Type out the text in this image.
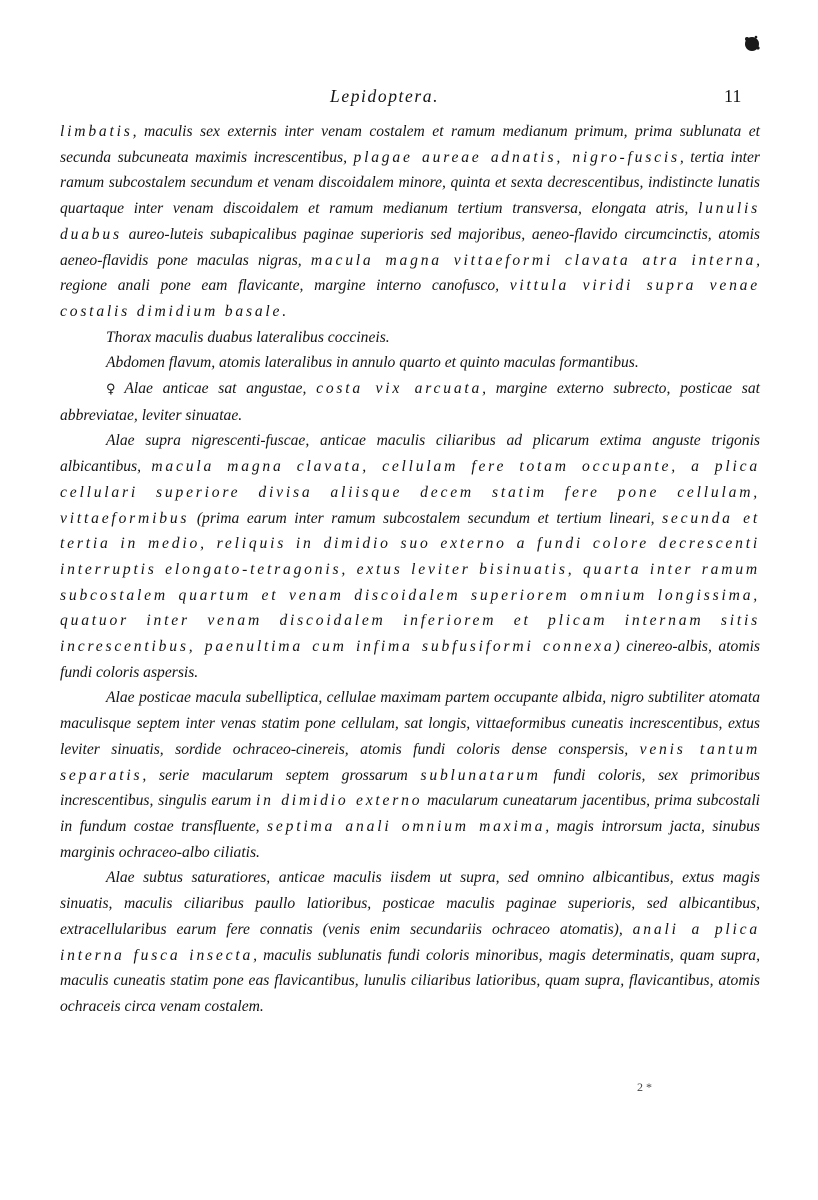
Lepidoptera.	11

limbatis, maculis sex externis inter venam costalem et ramum medianum primum, prima sublunata et secunda subcuneata maximis increscentibus, plagae aureae adnatis, nigro-fuscis, tertia inter ramum subcostalem secundum et venam discoidalem minore, quinta et sexta decrescentibus, indistincte lunatis quartaque inter venam discoidalem et ramum medianum tertium transversa, elongata atris, lunulis duabus aureo-luteis subapicalibus paginae superioris sed majoribus, aeneo-flavido circumcinctis, atomis aeneo-flavidis pone maculas nigras, macula magna vittaeformi clavata atra interna, regione anali pone eam flavicante, margine interno canofusco, vittula viridi supra venae costalis dimidium basale.

Thorax maculis duabus lateralibus coccineis.

Abdomen flavum, atomis lateralibus in annulo quarto et quinto maculas formantibus.

♀ Alae anticae sat angustae, costa vix arcuata, margine externo subrecto, posticae sat abbreviatae, leviter sinuatae.

Alae supra nigrescenti-fuscae, anticae maculis ciliaribus ad plicarum extima anguste trigonis albicantibus, macula magna clavata, cellulam fere totam occupante, a plica cellulari superiore divisa aliisque decem statim fere pone cellulam, vittaeformibus (prima earum inter ramum subcostalem secundum et tertium lineari, secunda et tertia in medio, reliquis in dimidio suo externo a fundi colore decrescenti interruptis elongato-tetragonis, extus leviter bisinuatis, quarta inter ramum subcostalem quartum et venam discoidalem superiorem omnium longissima, quatuor inter venam discoidalem inferiorem et plicam internam sitis increscentibus, paenultima cum infima subfusiformi connexa) cinereo-albis, atomis fundi coloris aspersis.

Alae posticae macula subelliptica, cellulae maximam partem occupante albida, nigro subtiliter atomata maculisque septem inter venas statim pone cellulam, sat longis, vittaeformibus cuneatis increscentibus, extus leviter sinuatis, sordide ochraceo-cinereis, atomis fundi coloris dense conspersis, venis tantum separatis, serie macularum septem grossarum sublunatarum fundi coloris, sex primoribus increscentibus, singulis earum in dimidio externo macularum cuneatarum jacentibus, prima subcostali in fundum costae transfluente, septima anali omnium maxima, magis introrsum jacta, sinubus marginis ochraceo-albo ciliatis.

Alae subtus saturatiores, anticae maculis iisdem ut supra, sed omnino albicantibus, extus magis sinuatis, maculis ciliaribus paullo latioribus, posticae maculis paginae superioris, sed albicantibus, extracellularibus earum fere connatis (venis enim secundariis ochraceo atomatis), anali a plica interna fusca insecta, maculis sublunatis fundi coloris minoribus, magis determinatis, quam supra, maculis cuneatis statim pone eas flavicantibus, lunulis ciliaribus latioribus, quam supra, flavicantibus, atomis ochraceis circa venam costalem.

2 *
